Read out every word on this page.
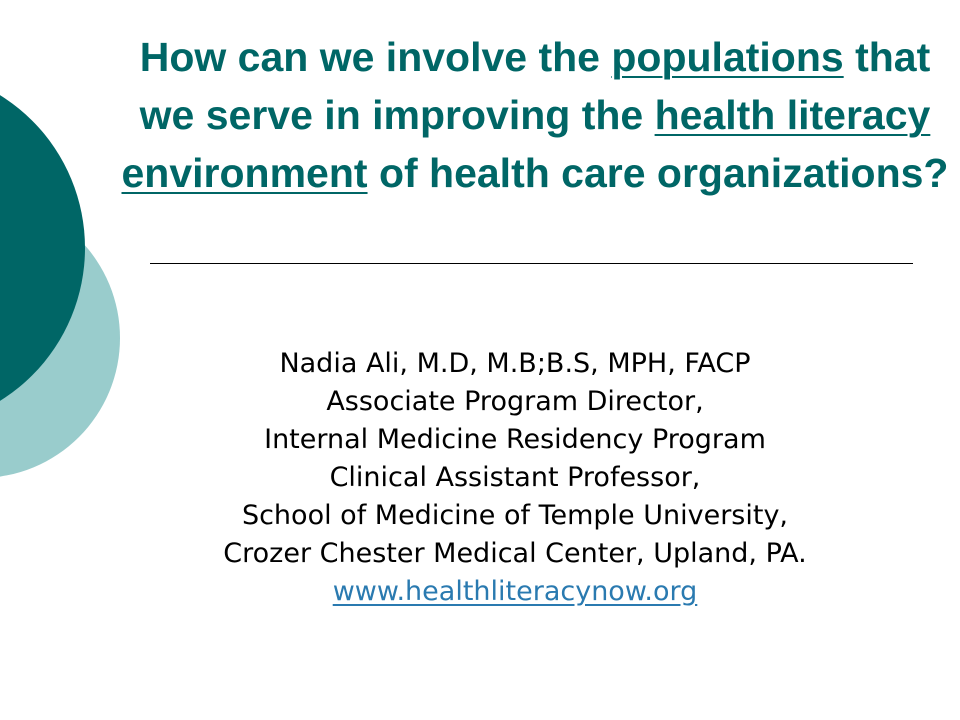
How can we involve the populations that we serve in improving the health literacy environment of health care organizations?
Nadia Ali, M.D, M.B;B.S, MPH, FACP
Associate Program Director,
Internal Medicine Residency Program
Clinical Assistant Professor,
School of Medicine of Temple University,
Crozer Chester Medical Center, Upland, PA.
www.healthliteracynow.org
